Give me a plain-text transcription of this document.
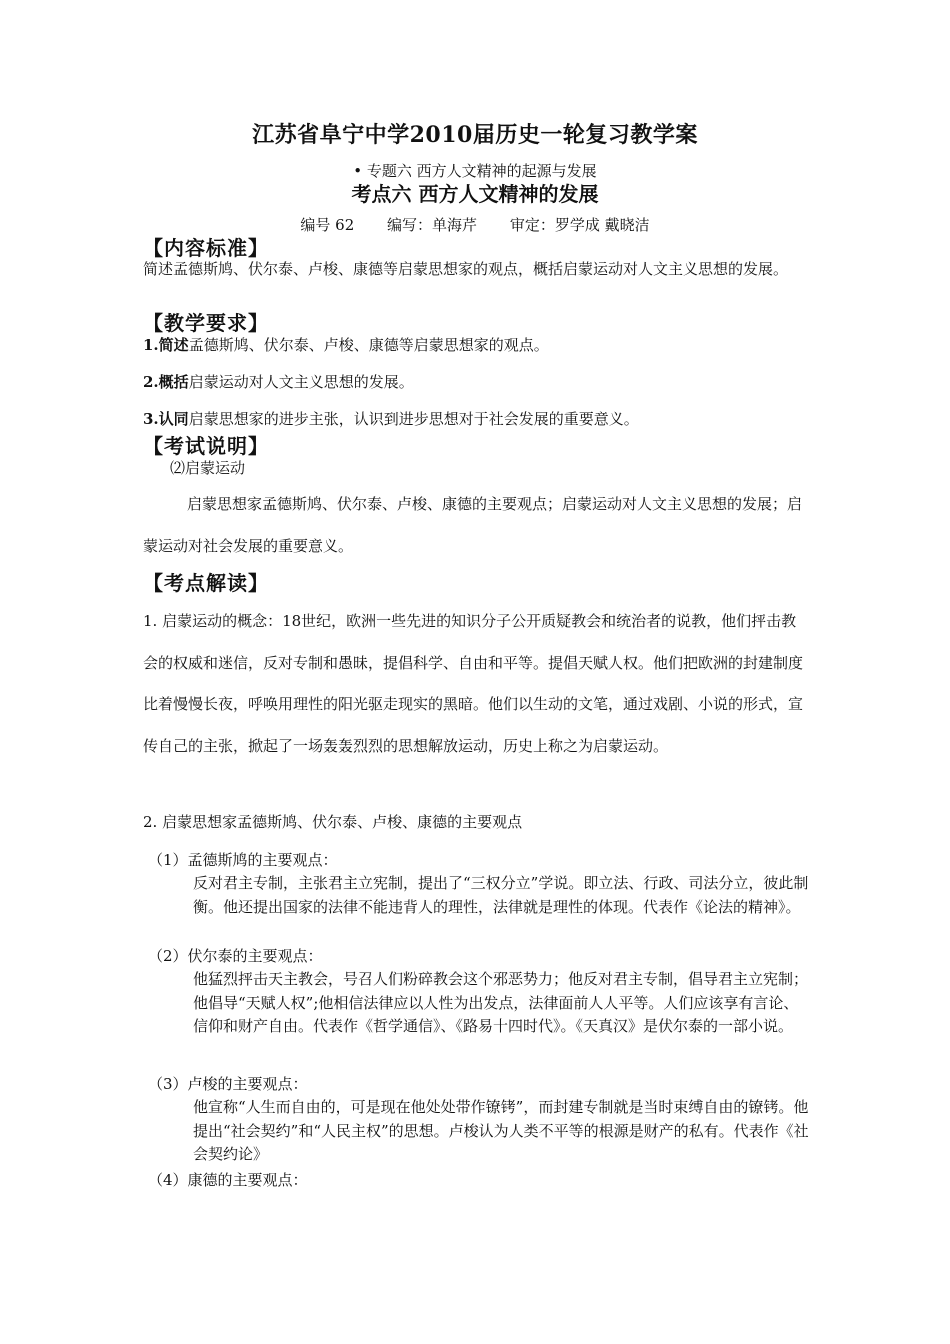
江苏省阜宁中学2010届历史一轮复习教学案
• 专题六 西方人文精神的起源与发展
考点六 西方人文精神的发展
编号 62 编写：单海芹 审定：罗学成 戴晓洁
【内容标准】
简述孟德斯鸠、伏尔泰、卢梭、康德等启蒙思想家的观点，概括启蒙运动对人文主义思想的发展。
【教学要求】
1.简述孟德斯鸠、伏尔泰、卢梭、康德等启蒙思想家的观点。
2.概括启蒙运动对人文主义思想的发展。
3.认同启蒙思想家的进步主张，认识到进步思想对于社会发展的重要意义。
【考试说明】
⑵启蒙运动
启蒙思想家孟德斯鸠、伏尔泰、卢梭、康德的主要观点；启蒙运动对人文主义思想的发展；启蒙运动对社会发展的重要意义。
【考点解读】
1. 启蒙运动的概念：18世纪，欧洲一些先进的知识分子公开质疑教会和统治者的说教，他们抨击教会的权威和迷信，反对专制和愚昧，提倡科学、自由和平等。提倡天赋人权。他们把欧洲的封建制度比着慢慢长夜，呼唤用理性的阳光驱走现实的黑暗。他们以生动的文笔，通过戏剧、小说的形式，宣传自己的主张，掀起了一场轰轰烈烈的思想解放运动，历史上称之为启蒙运动。
2. 启蒙思想家孟德斯鸠、伏尔泰、卢梭、康德的主要观点
（1）孟德斯鸠的主要观点：
反对君主专制，主张君主立宪制，提出了“三权分立”学说。即立法、行政、司法分立，彼此制衡。他还提出国家的法律不能违背人的理性，法律就是理性的体现。代表作《论法的精神》。
（2）伏尔泰的主要观点：
他猛烈抨击天主教会，号召人们粉碎教会这个邪恶势力；他反对君主专制，倡导君主立宪制；他倡导“天赋人权”;他相信法律应以人性为出发点，法律面前人人平等。人们应该享有言论、信仰和财产自由。代表作《哲学通信》、《路易十四时代》。《天真汉》是伏尔泰的一部小说。
（3）卢梭的主要观点：
他宣称“人生而自由的，可是现在他处处带作镣铐”，而封建专制就是当时束缚自由的镣铐。他提出“社会契约”和“人民主权”的思想。卢梭认为人类不平等的根源是财产的私有。代表作《社会契约论》
（4）康德的主要观点：
